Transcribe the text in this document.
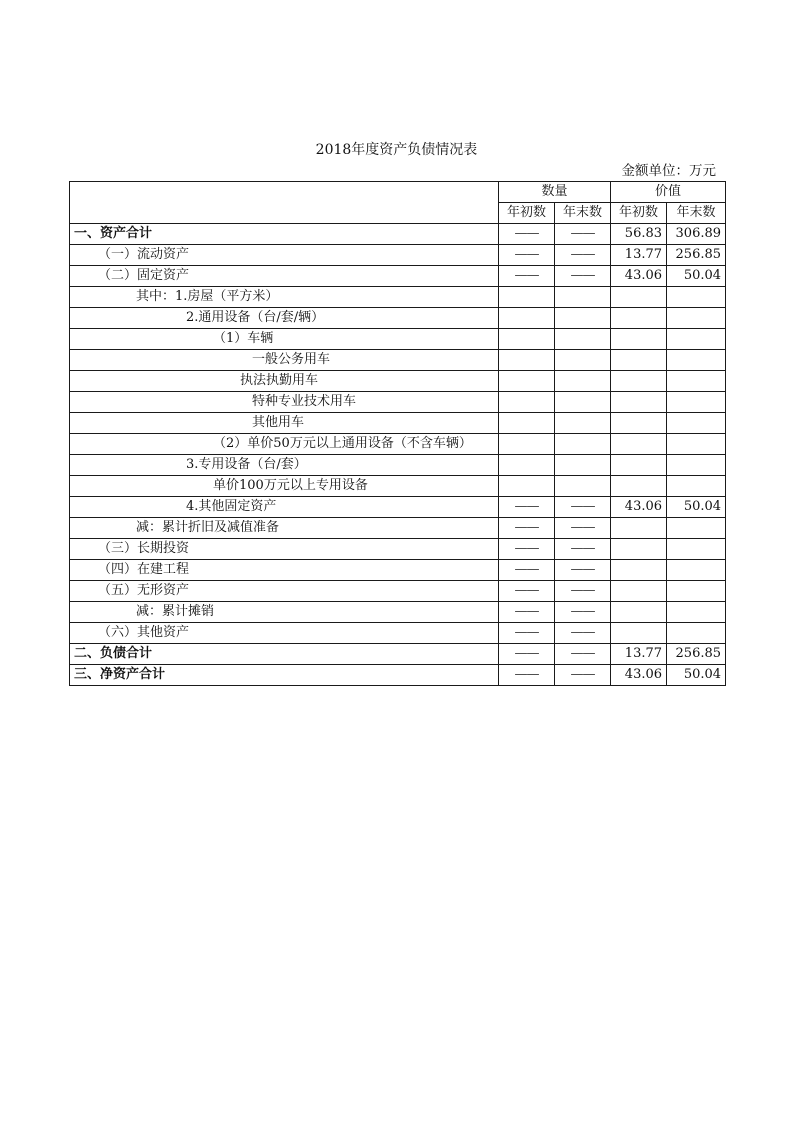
2018年度资产负债情况表
金额单位：万元
	数量		价值	
	年初数	年末数	年初数	年末数
一、资产合计	——	——	56.83	306.89
（一）流动资产	——	——	13.77	256.85
（二）固定资产	——	——	43.06	50.04
其中：1.房屋（平方米）				
2.通用设备（台/套/辆）				
（1）车辆				
一般公务用车				
执法执勤用车				
特种专业技术用车				
其他用车				
（2）单价50万元以上通用设备（不含车辆）				
3.专用设备（台/套）				
单价100万元以上专用设备				
4.其他固定资产	——	——	43.06	50.04
减：累计折旧及减值准备	——	——		
（三）长期投资	——	——		
（四）在建工程	——	——		
（五）无形资产	——	——		
减：累计摊销	——	——		
（六）其他资产	——	——		
二、负债合计	——	——	13.77	256.85
三、净资产合计	——	——	43.06	50.04
